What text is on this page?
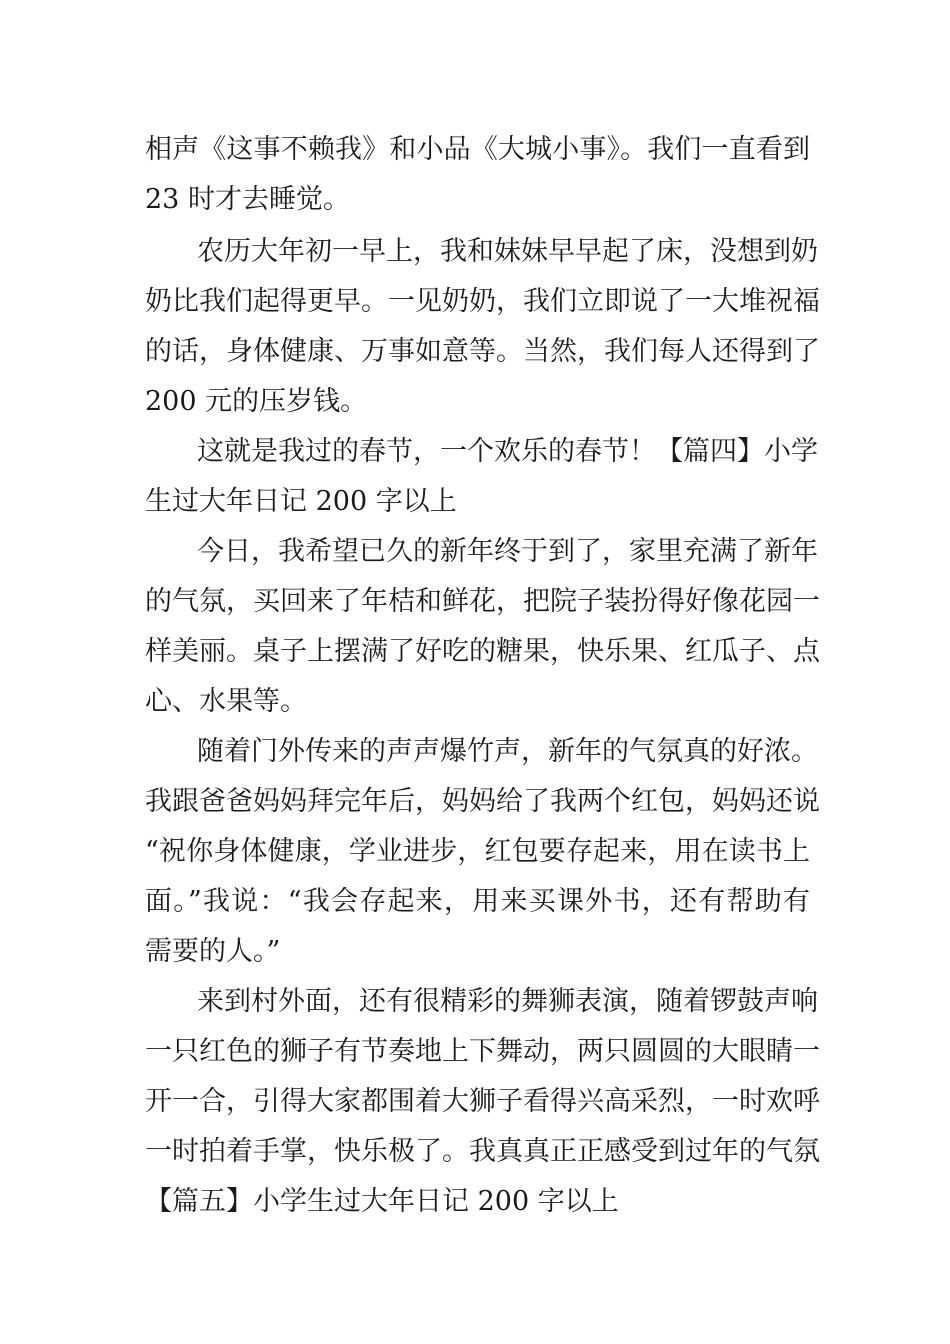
相声《这事不赖我》和小品《大城小事》。我们一直看到
23 时才去睡觉。
农历大年初一早上，我和妹妹早早起了床，没想到奶
奶比我们起得更早。一见奶奶，我们立即说了一大堆祝福
的话，身体健康、万事如意等。当然，我们每人还得到了
200 元的压岁钱。
这就是我过的春节，一个欢乐的春节！【篇四】小学
生过大年日记 200 字以上
今日，我希望已久的新年终于到了，家里充满了新年
的气氛，买回来了年桔和鲜花，把院子装扮得好像花园一
样美丽。桌子上摆满了好吃的糖果，快乐果、红瓜子、点
心、水果等。
随着门外传来的声声爆竹声，新年的气氛真的好浓。
我跟爸爸妈妈拜完年后，妈妈给了我两个红包，妈妈还说
“祝你身体健康，学业进步，红包要存起来，用在读书上
面。”我说：“我会存起来，用来买课外书，还有帮助有
需要的人。”
来到村外面，还有很精彩的舞狮表演，随着锣鼓声响
一只红色的狮子有节奏地上下舞动，两只圆圆的大眼睛一
开一合，引得大家都围着大狮子看得兴高采烈，一时欢呼
一时拍着手掌，快乐极了。我真真正正感受到过年的气氛
【篇五】小学生过大年日记 200 字以上
